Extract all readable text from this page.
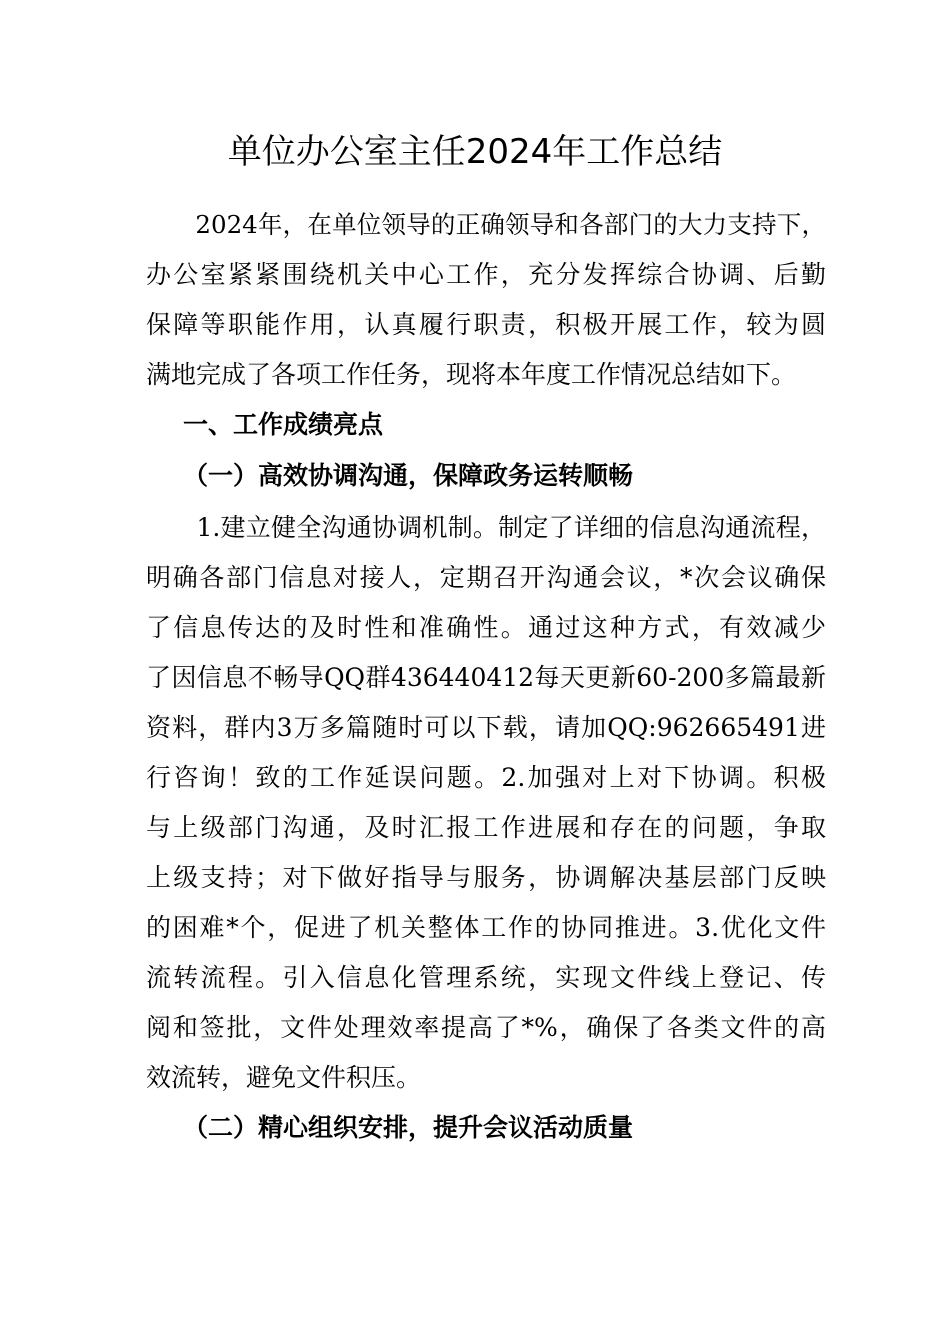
单位办公室主任2024年工作总结
　　2024年，在单位领导的正确领导和各部门的大力支持下，
办公室紧紧围绕机关中心工作，充分发挥综合协调、后勤
保障等职能作用，认真履行职责，积极开展工作，较为圆
满地完成了各项工作任务，现将本年度工作情况总结如下。
一、工作成绩亮点
（一）高效协调沟通，保障政务运转顺畅
　　1.建立健全沟通协调机制。制定了详细的信息沟通流程，
明确各部门信息对接人，定期召开沟通会议，*次会议确保
了信息传达的及时性和准确性。通过这种方式，有效减少
了因信息不畅导QQ群436440412每天更新60-200多篇最新
资料，群内3万多篇随时可以下载，请加QQ:962665491进
行咨询！致的工作延误问题。2.加强对上对下协调。积极
与上级部门沟通，及时汇报工作进展和存在的问题，争取
上级支持；对下做好指导与服务，协调解决基层部门反映
的困难*个，促进了机关整体工作的协同推进。3.优化文件
流转流程。引入信息化管理系统，实现文件线上登记、传
阅和签批，文件处理效率提高了*%，确保了各类文件的高
效流转，避免文件积压。
（二）精心组织安排，提升会议活动质量
